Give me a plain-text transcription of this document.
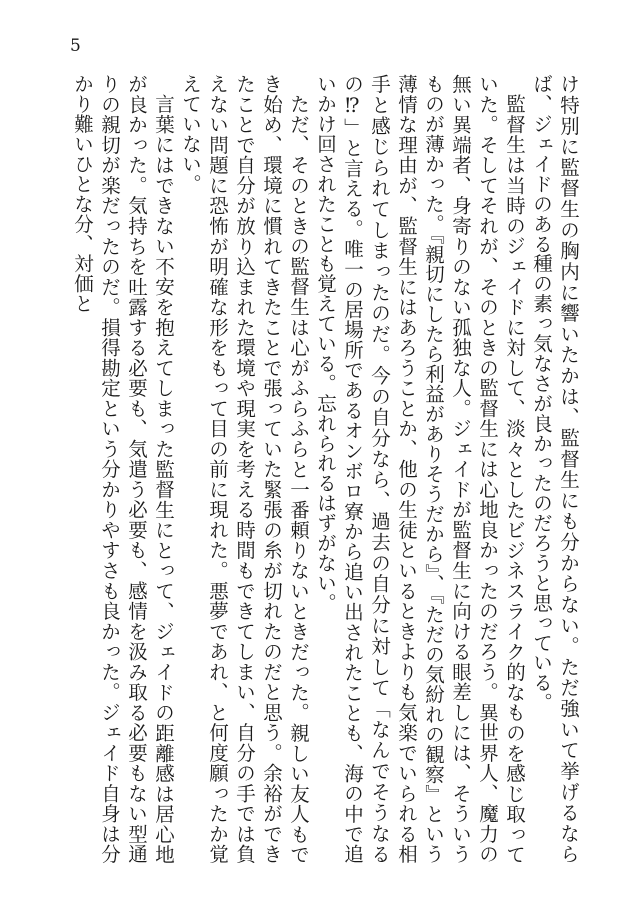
5

け特別に監督生の胸内に響いたかは、監督生にも分からない。ただ強いて挙げるならば、ジェイドのある種の素っ気なさが良かったのだろうと思っている。

監督生は当時のジェイドに対して、淡々としたビジネスライク的なものを感じ取っていた。そしてそれが、そのときの監督生には心地良かったのだろう。異世界人、魔力の無い異端者、身寄りのない孤独な人。ジェイドが監督生に向ける眼差しには、そういうものが薄かった。『親切にしたら利益がありそうだから』、『ただの気紛れの観察』という薄情な理由が、監督生にはあろうことか、他の生徒といるときよりも気楽でいられる相手と感じられてしまったのだ。今の自分なら、過去の自分に対して「なんでそうなるの⁉」と言える。唯一の居場所であるオンボロ寮から追い出されたことも、海の中で追いかけ回されたことも覚えている。忘れられるはずがない。

ただ、そのときの監督生は心がふらふらと一番頼りないときだった。親しい友人もでき始め、環境に慣れてきたことで張っていた緊張の糸が切れたのだと思う。余裕ができたことで自分が放り込まれた環境や現実を考える時間もできてしまい、自分の手では負えない問題に恐怖が明確な形をもって目の前に現れた。悪夢であれ、と何度願ったか覚えていない。

言葉にはできない不安を抱えてしまった監督生にとって、ジェイドの距離感は居心地が良かった。気持ちを吐露する必要も、気遣う必要も、感情を汲み取る必要もない型通りの親切が楽だったのだ。損得勘定という分かりやすさも良かった。ジェイド自身は分かり難いひとな分、対価と
